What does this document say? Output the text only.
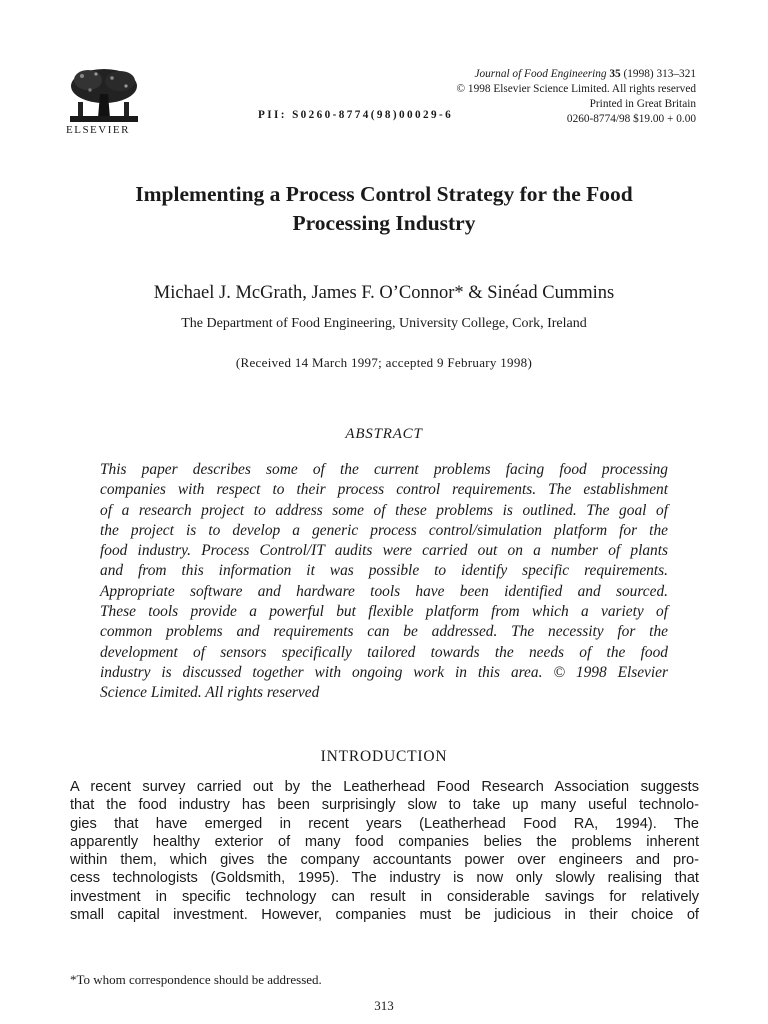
ELSEVIER
Journal of Food Engineering 35 (1998) 313–321
© 1998 Elsevier Science Limited. All rights reserved
Printed in Great Britain
0260-8774/98 $19.00 + 0.00
PII: S0260-8774(98)00029-6
Implementing a Process Control Strategy for the Food
Processing Industry
Michael J. McGrath, James F. O’Connor* & Sinéad Cummins
The Department of Food Engineering, University College, Cork, Ireland
(Received 14 March 1997; accepted 9 February 1998)
ABSTRACT
This paper describes some of the current problems facing food processing
companies with respect to their process control requirements. The establishment
of a research project to address some of these problems is outlined. The goal of
the project is to develop a generic process control/simulation platform for the
food industry. Process Control/IT audits were carried out on a number of plants
and from this information it was possible to identify specific requirements.
Appropriate software and hardware tools have been identified and sourced.
These tools provide a powerful but flexible platform from which a variety of
common problems and requirements can be addressed. The necessity for the
development of sensors specifically tailored towards the needs of the food
industry is discussed together with ongoing work in this area. © 1998 Elsevier
Science Limited. All rights reserved
INTRODUCTION
A recent survey carried out by the Leatherhead Food Research Association suggests
that the food industry has been surprisingly slow to take up many useful technolo-
gies that have emerged in recent years (Leatherhead Food RA, 1994). The
apparently healthy exterior of many food companies belies the problems inherent
within them, which gives the company accountants power over engineers and pro-
cess technologists (Goldsmith, 1995). The industry is now only slowly realising that
investment in specific technology can result in considerable savings for relatively
small capital investment. However, companies must be judicious in their choice of
*To whom correspondence should be addressed.
313
